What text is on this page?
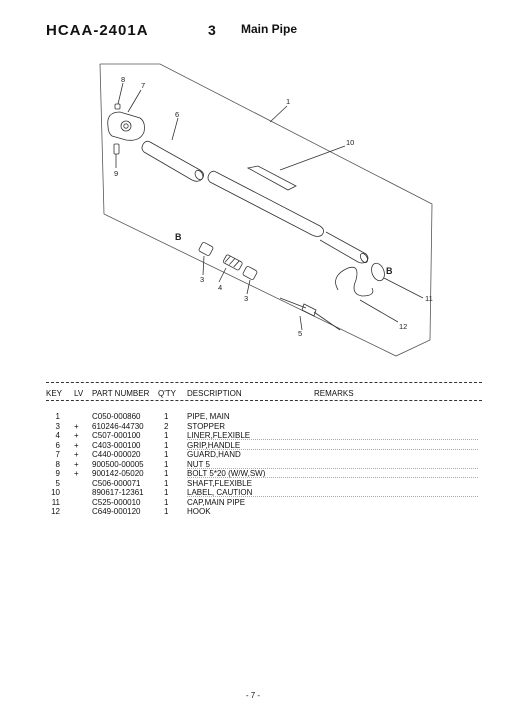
HCAA-2401A	3 Main Pipe
1
10
11
12
5
8
7
6
9
3
4
3
B
B
KEY LV PART NUMBER Q'TY DESCRIPTION	REMARKS
1	C050-000860	1 PIPE, MAIN
3 + 610246-44730	2 STOPPER
4 + C507-000100	1 LINER,FLEXIBLE
6 + C403-000100	1 GRIP,HANDLE
7 + C440-000020	1 GUARD,HAND
8 + 900500-00005	1 NUT 5
9 + 900142-05020	1 BOLT 5*20 (W/W,SW)
5	C506-000071	1 SHAFT,FLEXIBLE
10	890617-12361	1 LABEL, CAUTION
11	C525-000010	1 CAP,MAIN PIPE
12	C649-000120	1 HOOK
- 7 -
